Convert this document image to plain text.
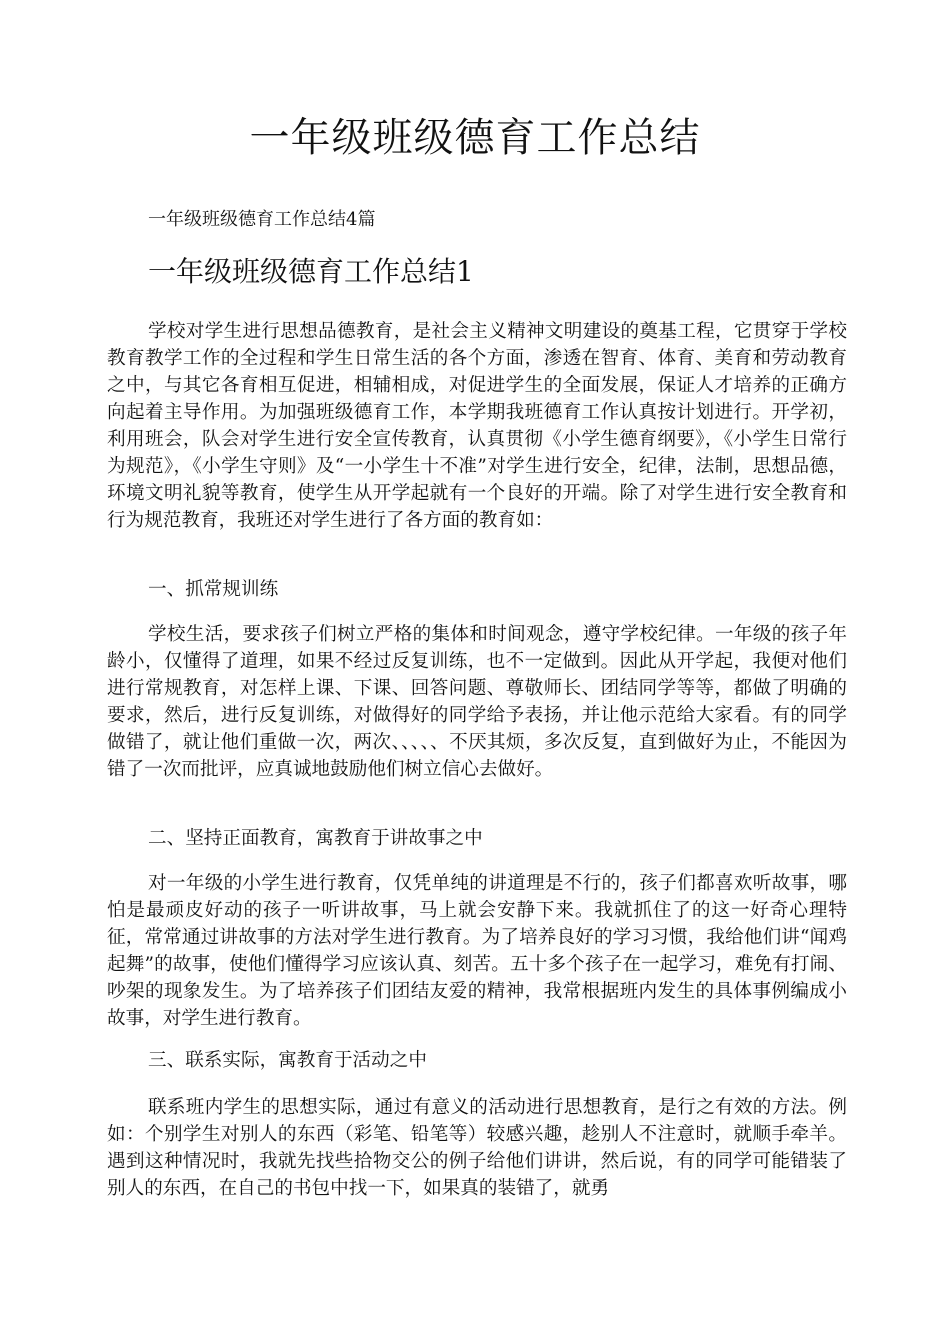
一年级班级德育工作总结

一年级班级德育工作总结4篇

一年级班级德育工作总结1

学校对学生进行思想品德教育，是社会主义精神文明建设的奠基工程，它贯穿于学校教育教学工作的全过程和学生日常生活的各个方面，渗透在智育、体育、美育和劳动教育之中，与其它各育相互促进，相辅相成，对促进学生的全面发展，保证人才培养的正确方向起着主导作用。为加强班级德育工作，本学期我班德育工作认真按计划进行。开学初，利用班会，队会对学生进行安全宣传教育，认真贯彻《小学生德育纲要》，《小学生日常行为规范》，《小学生守则》及“一小学生十不准”对学生进行安全，纪律，法制，思想品德，环境文明礼貌等教育，使学生从开学起就有一个良好的开端。除了对学生进行安全教育和行为规范教育，我班还对学生进行了各方面的教育如：

一、抓常规训练

学校生活，要求孩子们树立严格的集体和时间观念，遵守学校纪律。一年级的孩子年龄小，仅懂得了道理，如果不经过反复训练，也不一定做到。因此从开学起，我便对他们进行常规教育，对怎样上课、下课、回答问题、尊敬师长、团结同学等等，都做了明确的要求，然后，进行反复训练，对做得好的同学给予表扬，并让他示范给大家看。有的同学做错了，就让他们重做一次，两次、、、、、不厌其烦，多次反复，直到做好为止，不能因为错了一次而批评，应真诚地鼓励他们树立信心去做好。

二、坚持正面教育，寓教育于讲故事之中

对一年级的小学生进行教育，仅凭单纯的讲道理是不行的，孩子们都喜欢听故事，哪怕是最顽皮好动的孩子一听讲故事，马上就会安静下来。我就抓住了的这一好奇心理特征，常常通过讲故事的方法对学生进行教育。为了培养良好的学习习惯，我给他们讲“闻鸡起舞”的故事，使他们懂得学习应该认真、刻苦。五十多个孩子在一起学习，难免有打闹、吵架的现象发生。为了培养孩子们团结友爱的精神，我常根据班内发生的具体事例编成小故事，对学生进行教育。

三、联系实际，寓教育于活动之中

联系班内学生的思想实际，通过有意义的活动进行思想教育，是行之有效的方法。例如：个别学生对别人的东西（彩笔、铅笔等）较感兴趣，趁别人不注意时，就顺手牵羊。遇到这种情况时，我就先找些拾物交公的例子给他们讲讲，然后说，有的同学可能错装了别人的东西，在自己的书包中找一下，如果真的装错了，就勇
